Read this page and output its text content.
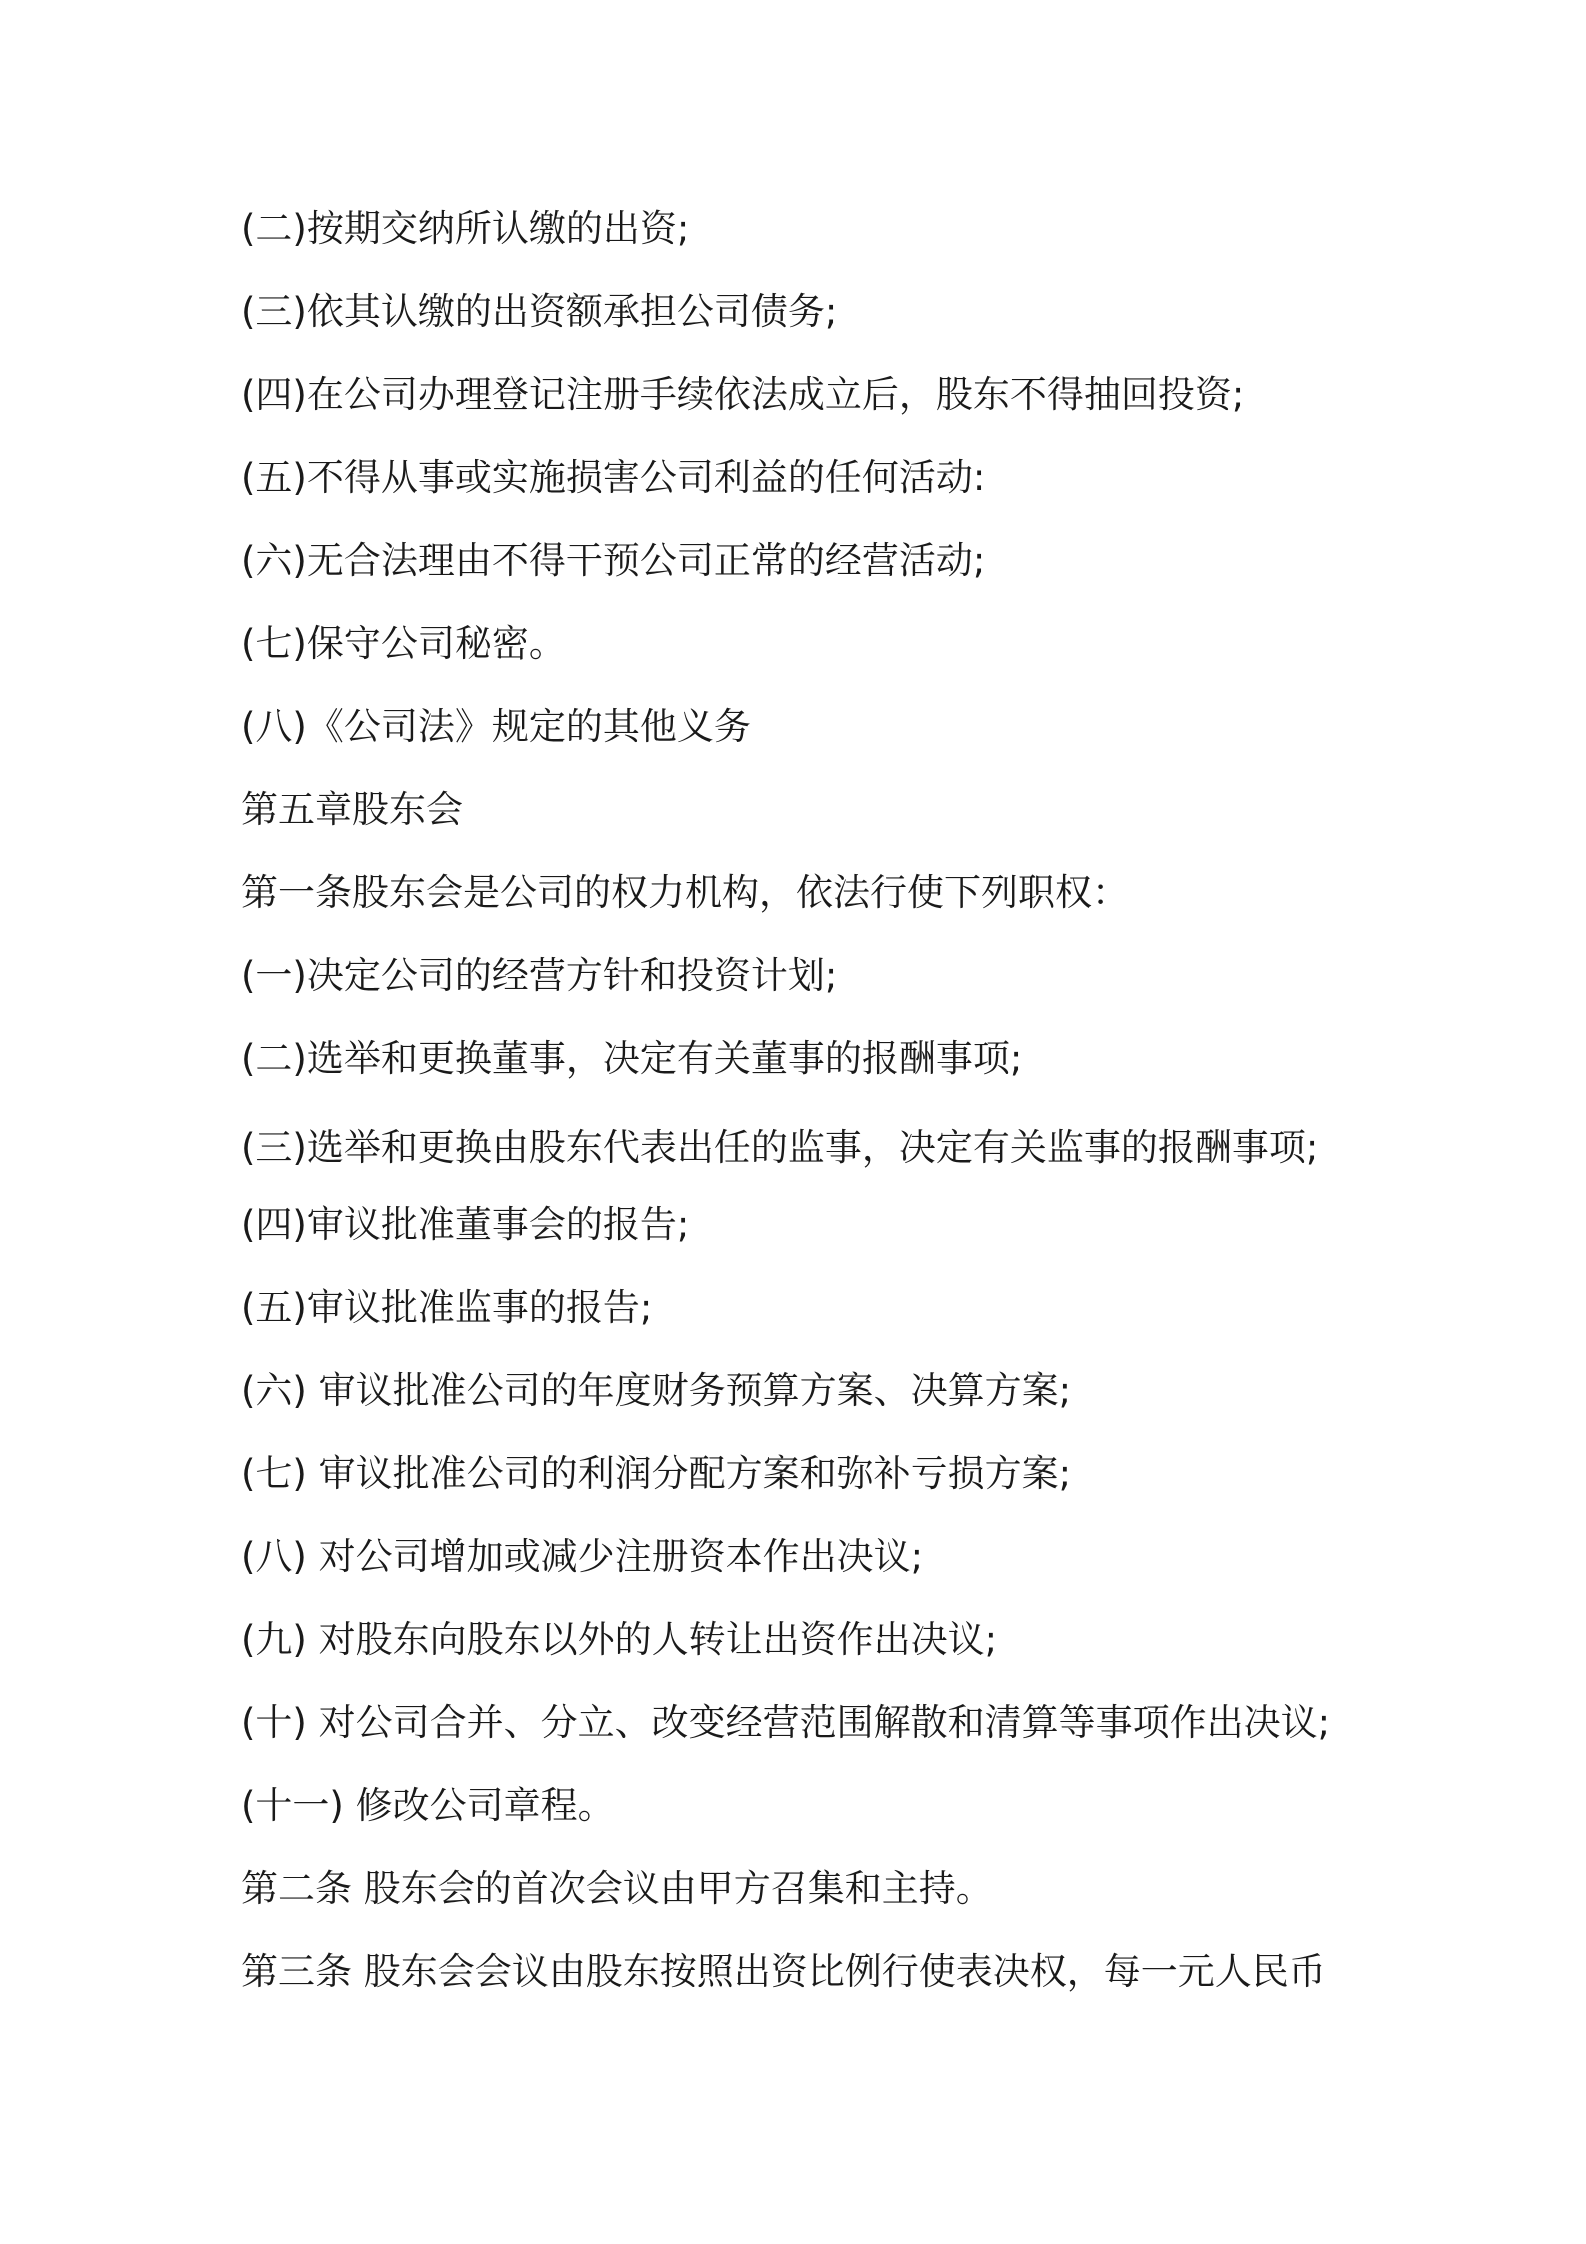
(二)按期交纳所认缴的出资;

(三)依其认缴的出资额承担公司债务;

(四)在公司办理登记注册手续依法成立后，股东不得抽回投资;

(五)不得从事或实施损害公司利益的任何活动:

(六)无合法理由不得干预公司正常的经营活动;

(七)保守公司秘密。

(八)《公司法》规定的其他义务

第五章股东会

第一条股东会是公司的权力机构，依法行使下列职权：

(一)决定公司的经营方针和投资计划;

(二)选举和更换董事，决定有关董事的报酬事项;

(三)选举和更换由股东代表出任的监事，决定有关监事的报酬事项;

(四)审议批准董事会的报告;

(五)审议批准监事的报告;

(六) 审议批准公司的年度财务预算方案、决算方案;

(七) 审议批准公司的利润分配方案和弥补亏损方案;

(八) 对公司增加或减少注册资本作出决议;

(九) 对股东向股东以外的人转让出资作出决议;

(十) 对公司合并、分立、改变经营范围解散和清算等事项作出决议;

(十一) 修改公司章程。

第二条 股东会的首次会议由甲方召集和主持。

第三条 股东会会议由股东按照出资比例行使表决权，每一元人民币
